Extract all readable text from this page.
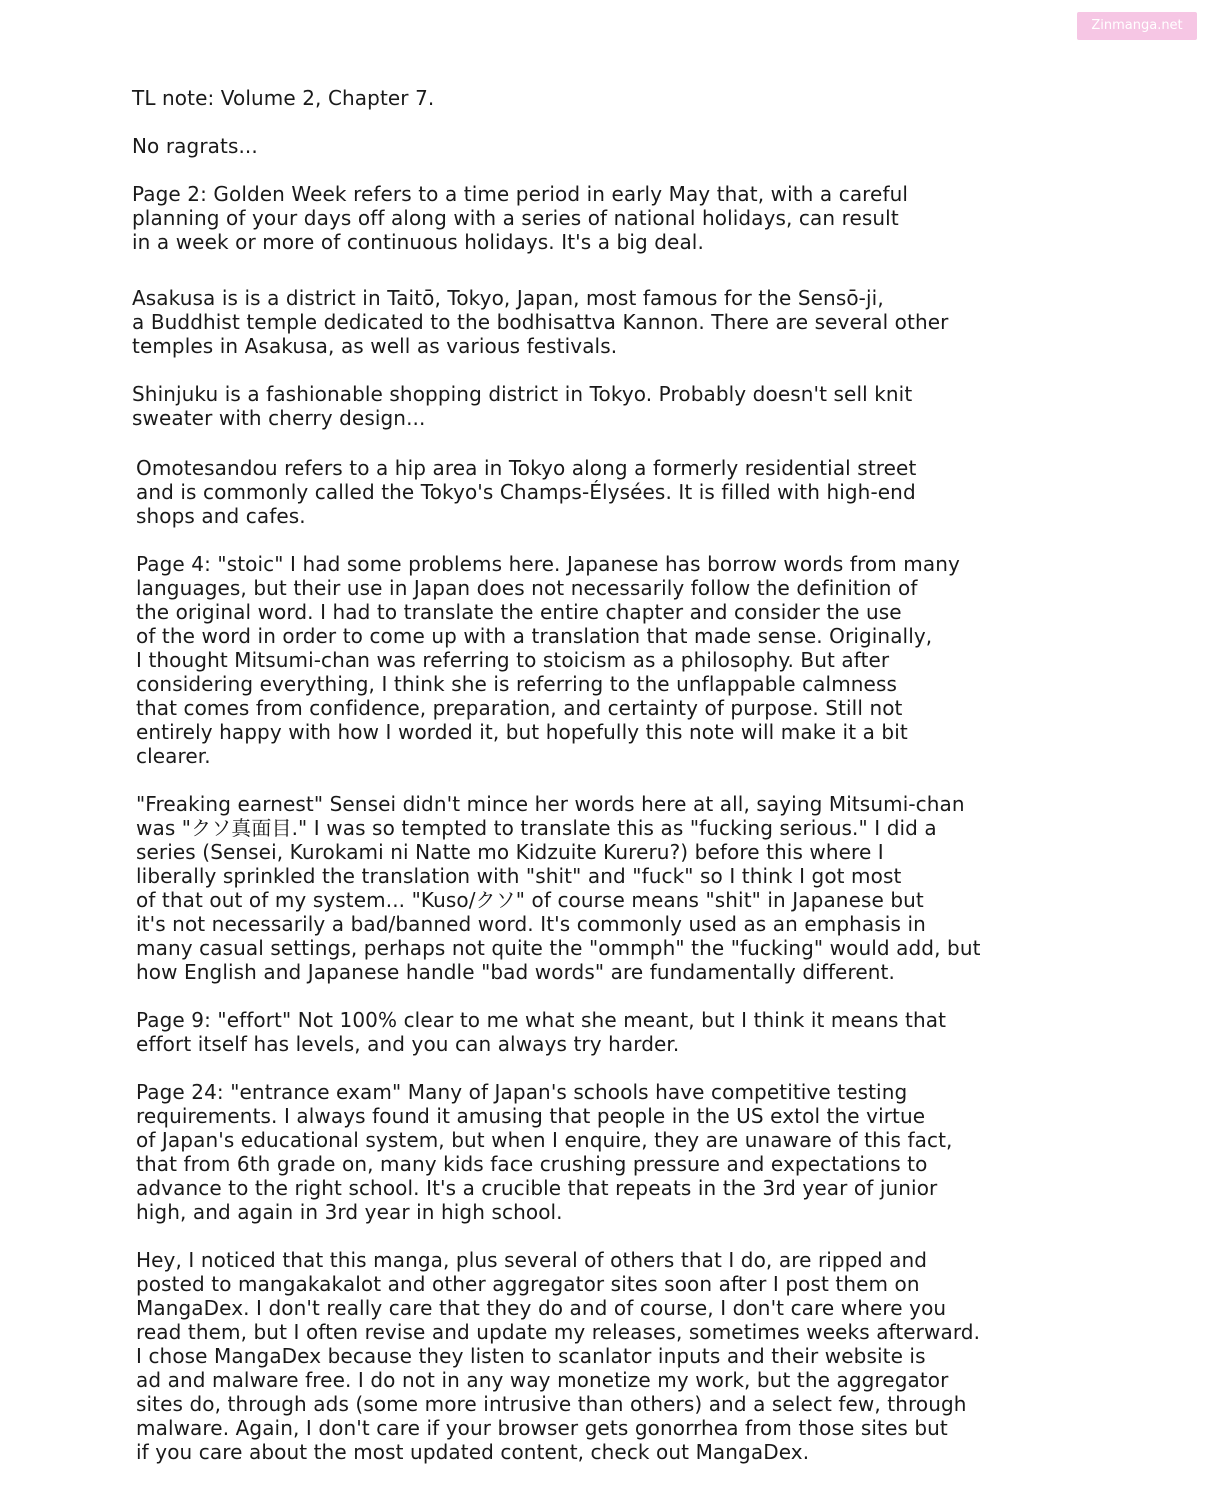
Zinmanga.net

TL note: Volume 2, Chapter 7.

No ragrats...

Page 2: Golden Week refers to a time period in early May that, with a careful
planning of your days off along with a series of national holidays, can result
in a week or more of continuous holidays. It's a big deal.

Asakusa is is a district in Taitō, Tokyo, Japan, most famous for the Sensō-ji,
a Buddhist temple dedicated to the bodhisattva Kannon. There are several other
temples in Asakusa, as well as various festivals.

Shinjuku is a fashionable shopping district in Tokyo. Probably doesn't sell knit
sweater with cherry design...

Omotesandou refers to a hip area in Tokyo along a formerly residential street
and is commonly called the Tokyo's Champs-Élysées. It is filled with high-end
shops and cafes.

Page 4: "stoic" I had some problems here. Japanese has borrow words from many
languages, but their use in Japan does not necessarily follow the definition of
the original word. I had to translate the entire chapter and consider the use
of the word in order to come up with a translation that made sense. Originally,
I thought Mitsumi-chan was referring to stoicism as a philosophy. But after
considering everything, I think she is referring to the unflappable calmness
that comes from confidence, preparation, and certainty of purpose. Still not
entirely happy with how I worded it, but hopefully this note will make it a bit
clearer.

"Freaking earnest" Sensei didn't mince her words here at all, saying Mitsumi-chan
was "クソ真面目." I was so tempted to translate this as "fucking serious." I did a
series (Sensei, Kurokami ni Natte mo Kidzuite Kureru?) before this where I
liberally sprinkled the translation with "shit" and "fuck" so I think I got most
of that out of my system... "Kuso/クソ" of course means "shit" in Japanese but
it's not necessarily a bad/banned word. It's commonly used as an emphasis in
many casual settings, perhaps not quite the "ommph" the "fucking" would add, but
how English and Japanese handle "bad words" are fundamentally different.

Page 9: "effort" Not 100% clear to me what she meant, but I think it means that
effort itself has levels, and you can always try harder.

Page 24: "entrance exam" Many of Japan's schools have competitive testing
requirements. I always found it amusing that people in the US extol the virtue
of Japan's educational system, but when I enquire, they are unaware of this fact,
that from 6th grade on, many kids face crushing pressure and expectations to
advance to the right school. It's a crucible that repeats in the 3rd year of junior
high, and again in 3rd year in high school.

Hey, I noticed that this manga, plus several of others that I do, are ripped and
posted to mangakakalot and other aggregator sites soon after I post them on
MangaDex. I don't really care that they do and of course, I don't care where you
read them, but I often revise and update my releases, sometimes weeks afterward.
I chose MangaDex because they listen to scanlator inputs and their website is
ad and malware free. I do not in any way monetize my work, but the aggregator
sites do, through ads (some more intrusive than others) and a select few, through
malware. Again, I don't care if your browser gets gonorrhea from those sites but
if you care about the most updated content, check out MangaDex.
